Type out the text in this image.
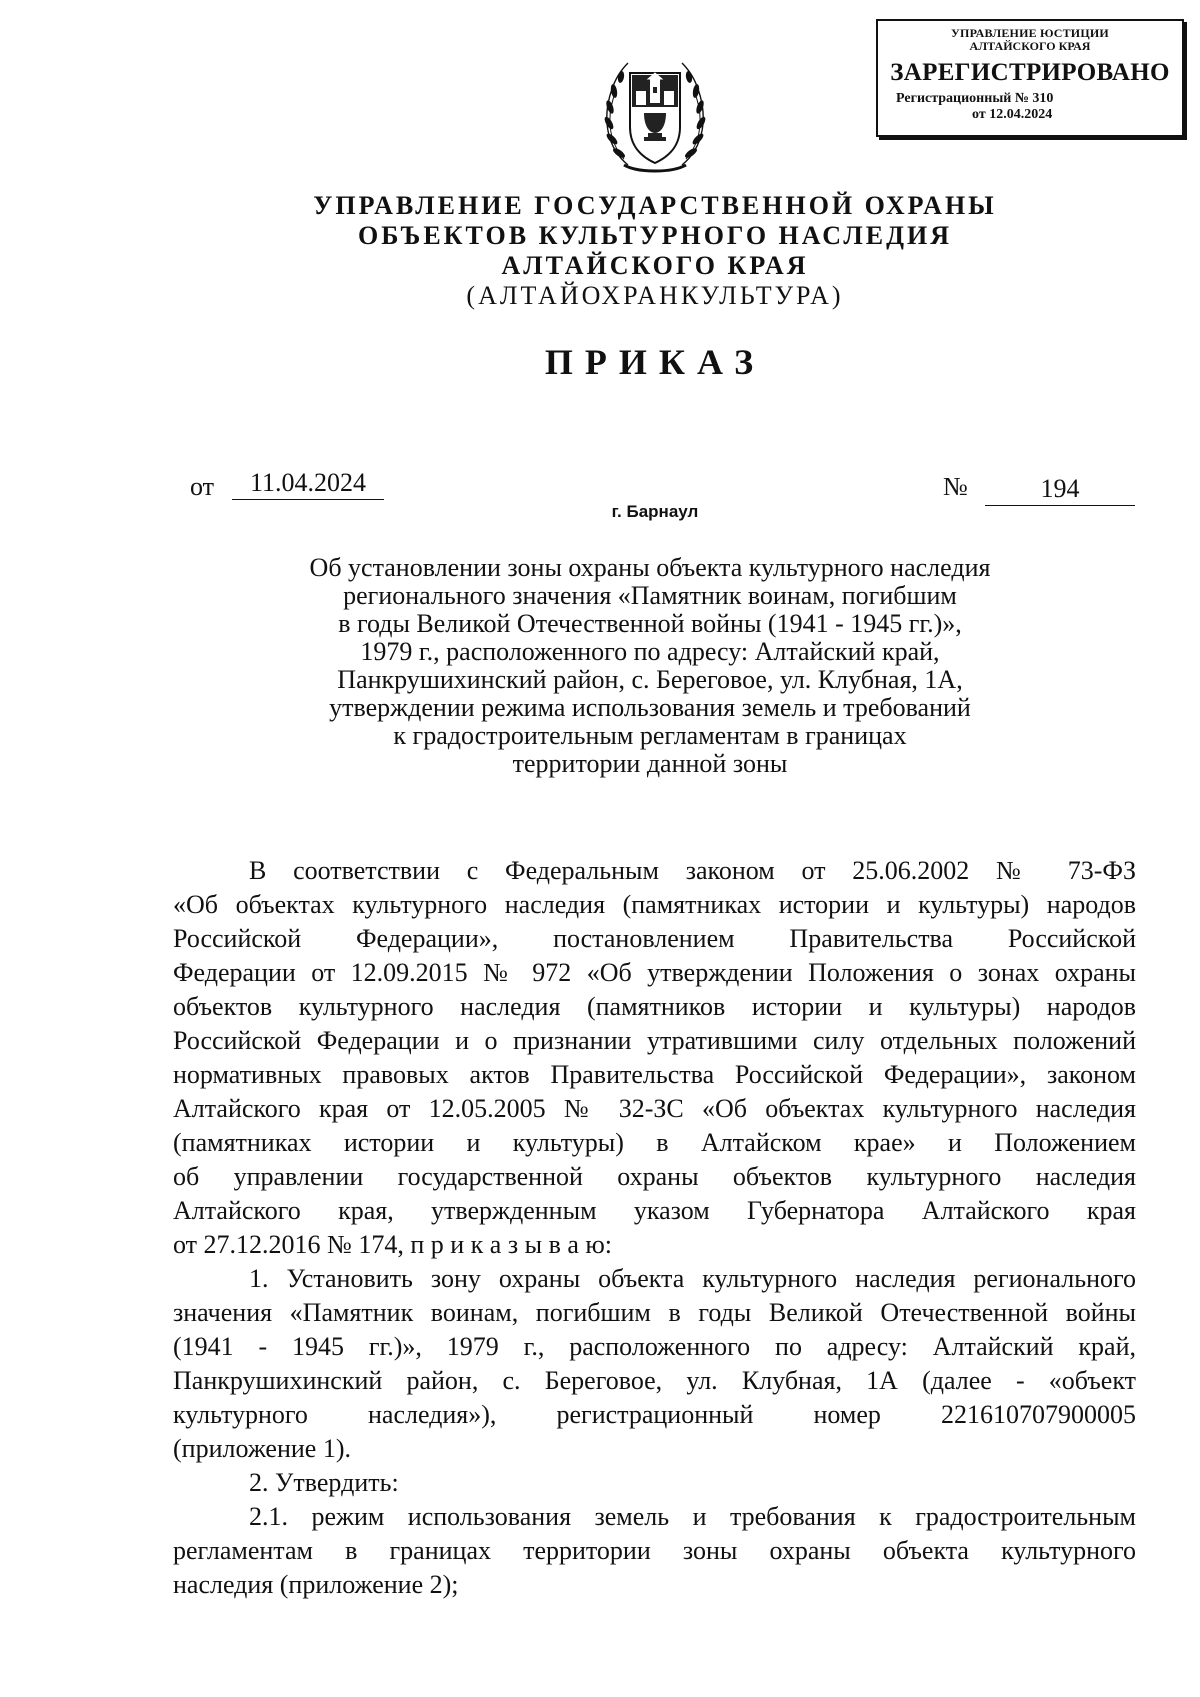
УПРАВЛЕНИЕ ЮСТИЦИИ
АЛТАЙСКОГО КРАЯ
ЗАРЕГИСТРИРОВАНО
Регистрационный № 310
от 12.04.2024
УПРАВЛЕНИЕ ГОСУДАРСТВЕННОЙ ОХРАНЫ
ОБЪЕКТОВ КУЛЬТУРНОГО НАСЛЕДИЯ
АЛТАЙСКОГО КРАЯ
(АЛТАЙОХРАНКУЛЬТУРА)
ПРИКАЗ
от	11.04.2024	№	194
г. Барнаул
Об установлении зоны охраны объекта культурного наследия
регионального значения «Памятник воинам, погибшим
в годы Великой Отечественной войны (1941 - 1945 гг.)»,
1979 г., расположенного по адресу: Алтайский край,
Панкрушихинский район, с. Береговое, ул. Клубная, 1А,
утверждении режима использования земель и требований
к градостроительным регламентам в границах
территории данной зоны
В соответствии с Федеральным законом от 25.06.2002 № 73-ФЗ
«Об объектах культурного наследия (памятниках истории и культуры) народов
Российской Федерации», постановлением Правительства Российской
Федерации от 12.09.2015 № 972 «Об утверждении Положения о зонах охраны
объектов культурного наследия (памятников истории и культуры) народов
Российской Федерации и о признании утратившими силу отдельных положений
нормативных правовых актов Правительства Российской Федерации», законом
Алтайского края от 12.05.2005 № 32-ЗС «Об объектах культурного наследия
(памятниках истории и культуры) в Алтайском крае» и Положением
об управлении государственной охраны объектов культурного наследия
Алтайского края, утвержденным указом Губернатора Алтайского края
от 27.12.2016 № 174, п р и к а з ы в а ю:
1. Установить зону охраны объекта культурного наследия регионального
значения «Памятник воинам, погибшим в годы Великой Отечественной войны
(1941 - 1945 гг.)», 1979 г., расположенного по адресу: Алтайский край,
Панкрушихинский район, с. Береговое, ул. Клубная, 1А (далее - «объект
культурного наследия»), регистрационный номер 221610707900005
(приложение 1).
2. Утвердить:
2.1. режим использования земель и требования к градостроительным
регламентам в границах территории зоны охраны объекта культурного
наследия (приложение 2);
